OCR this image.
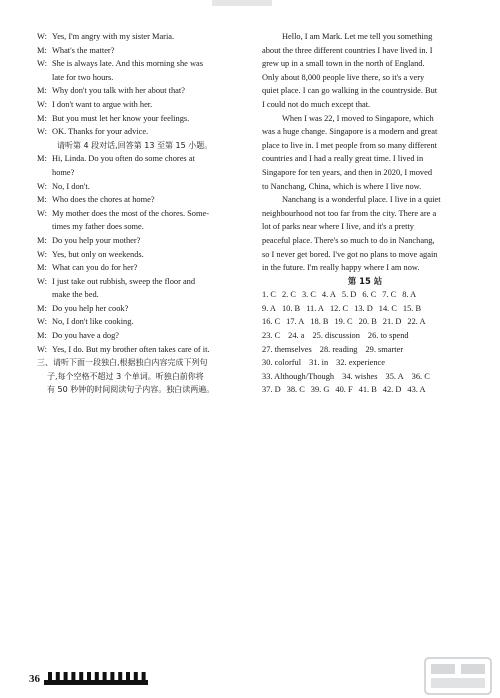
W: Yes, I'm angry with my sister Maria.
M: What's the matter?
W: She is always late. And this morning she was
late for two hours.
M: Why don't you talk with her about that?
W: I don't want to argue with her.
M: But you must let her know your feelings.
W: OK. Thanks for your advice.
请听第 4 段对话,回答第 13 至第 15 小题。
M: Hi, Linda. Do you often do some chores at
home?
W: No, I don't.
M: Who does the chores at home?
W: My mother does the most of the chores. Some-
times my father does some.
M: Do you help your mother?
W: Yes, but only on weekends.
M: What can you do for her?
W: I just take out rubbish, sweep the floor and
make the bed.
M: Do you help her cook?
W: No, I don't like cooking.
M: Do you have a dog?
W: Yes, I do. But my brother often takes care of it.
三、请听下面一段独白,根据独白内容完成下列句
子,每个空格不超过 3 个单词。听独白前你将
有 50 秒钟的时间阅读句子内容。独白读两遍。
Hello, I am Mark. Let me tell you something
about the three different countries I have lived in. I
grew up in a small town in the north of England.
Only about 8,000 people live there, so it's a very
quiet place. I can go walking in the countryside. But
I could not do much except that.
When I was 22, I moved to Singapore, which
was a huge change. Singapore is a modern and great
place to live in. I met people from so many different
countries and I had a really great time. I lived in
Singapore for ten years, and then in 2020, I moved
to Nanchang, China, which is where I live now.
Nanchang is a wonderful place. I live in a quiet
neighbourhood not too far from the city. There are a
lot of parks near where I live, and it's a pretty
peaceful place. There's so much to do in Nanchang,
so I never get bored. I've got no plans to move again
in the future. I'm really happy where I am now.
第 15 站
1. C 2. C 3. C 4. A 5. D 6. C 7. C 8. A
9. A 10. B 11. A 12. C 13. D 14. C 15. B
16. C 17. A 18. B 19. C 20. B 21. D 22. A
23. C 24. a 25. discussion 26. to spend
27. themselves 28. reading 29. smarter
30. colorful 31. in 32. experience
33. Although/Though 34. wishes 35. A 36. C
37. D 38. C 39. G 40. F 41. B 42. D 43. A
36
